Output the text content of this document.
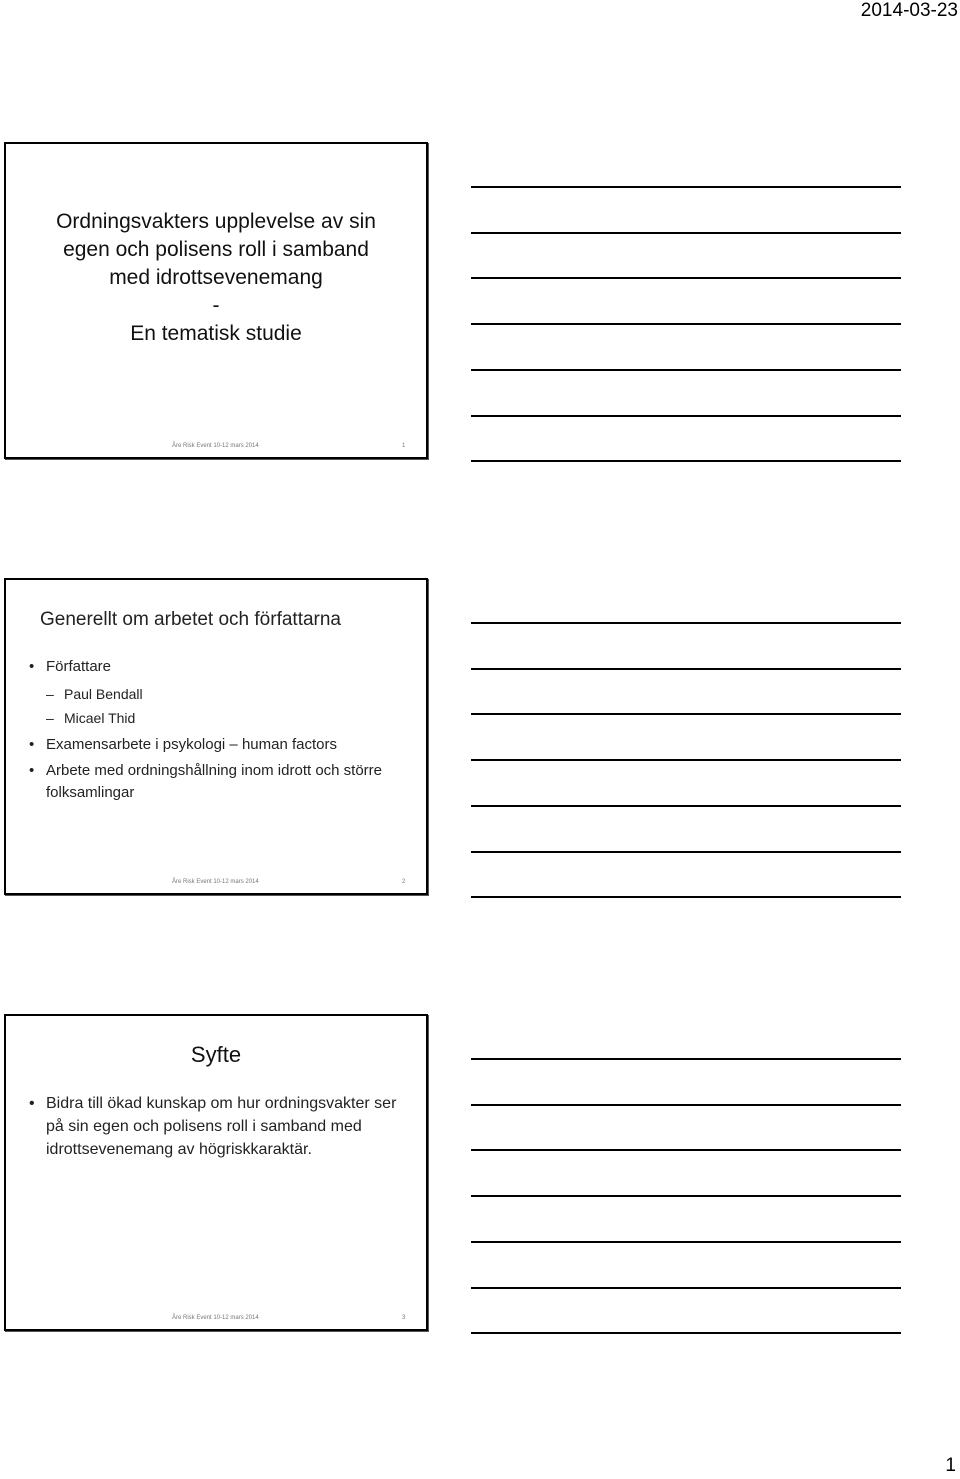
2014-03-23
Ordningsvakters upplevelse av sin
egen och polisens roll i samband
med idrottsevenemang
-
En tematisk studie
Åre Risk Event 10-12 mars 2014	1
Generellt om arbetet och författarna
• Författare
– Paul Bendall
– Micael Thid
• Examensarbete i psykologi – human factors
• Arbete med ordningshållning inom idrott och större folksamlingar
Åre Risk Event 10-12 mars 2014	2
Syfte
• Bidra till ökad kunskap om hur ordningsvakter ser på sin egen och polisens roll i samband med idrottsevenemang av högriskkaraktär.
Åre Risk Event 10-12 mars 2014	3
1
